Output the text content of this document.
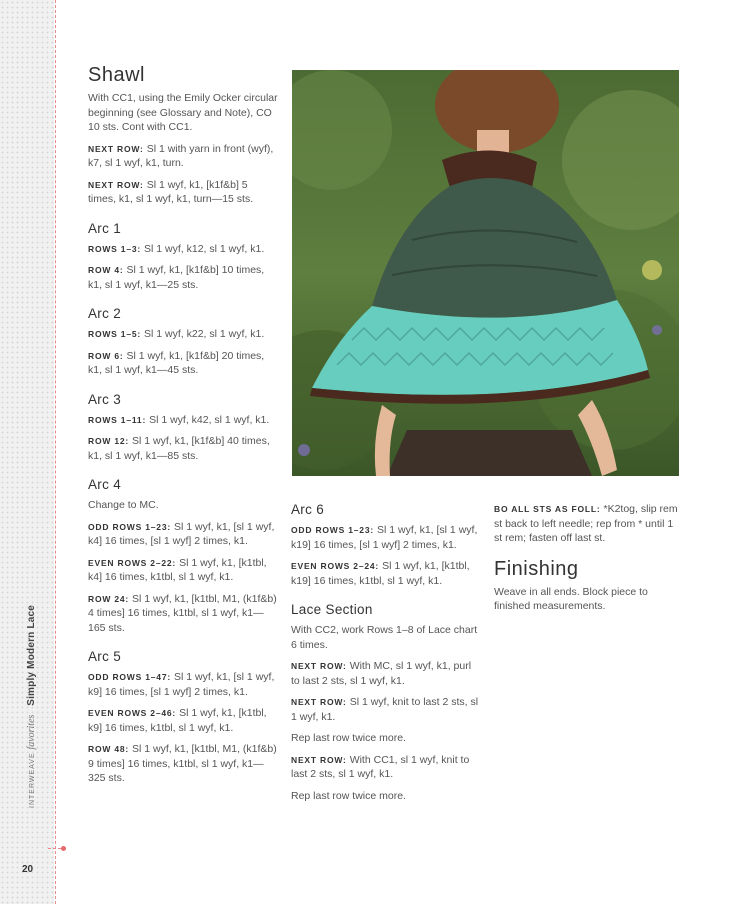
INTERWEAVE favorites Simply Modern Lace
20
Shawl

With CC1, using the Emily Ocker circular beginning (see Glossary and Note), CO 10 sts. Cont with CC1.

NEXT ROW: Sl 1 with yarn in front (wyf), k7, sl 1 wyf, k1, turn.

NEXT ROW: Sl 1 wyf, k1, [k1f&b] 5 times, k1, sl 1 wyf, k1, turn—15 sts.

Arc 1

ROWS 1–3: Sl 1 wyf, k12, sl 1 wyf, k1.

ROW 4: Sl 1 wyf, k1, [k1f&b] 10 times, k1, sl 1 wyf, k1—25 sts.

Arc 2

ROWS 1–5: Sl 1 wyf, k22, sl 1 wyf, k1.

ROW 6: Sl 1 wyf, k1, [k1f&b] 20 times, k1, sl 1 wyf, k1—45 sts.

Arc 3

ROWS 1–11: Sl 1 wyf, k42, sl 1 wyf, k1.

ROW 12: Sl 1 wyf, k1, [k1f&b] 40 times, k1, sl 1 wyf, k1—85 sts.

Arc 4

Change to MC.

ODD ROWS 1–23: Sl 1 wyf, k1, [sl 1 wyf, k4] 16 times, [sl 1 wyf] 2 times, k1.

EVEN ROWS 2–22: Sl 1 wyf, k1, [k1tbl, k4] 16 times, k1tbl, sl 1 wyf, k1.

ROW 24: Sl 1 wyf, k1, [k1tbl, M1, (k1f&b) 4 times] 16 times, k1tbl, sl 1 wyf, k1—165 sts.

Arc 5

ODD ROWS 1–47: Sl 1 wyf, k1, [sl 1 wyf, k9] 16 times, [sl 1 wyf] 2 times, k1.

EVEN ROWS 2–46: Sl 1 wyf, k1, [k1tbl, k9] 16 times, k1tbl, sl 1 wyf, k1.

ROW 48: Sl 1 wyf, k1, [k1tbl, M1, (k1f&b) 9 times] 16 times, k1tbl, sl 1 wyf, k1—325 sts.

Arc 6

ODD ROWS 1–23: Sl 1 wyf, k1, [sl 1 wyf, k19] 16 times, [sl 1 wyf] 2 times, k1.

EVEN ROWS 2–24: Sl 1 wyf, k1, [k1tbl, k19] 16 times, k1tbl, sl 1 wyf, k1.

Lace Section

With CC2, work Rows 1–8 of Lace chart 6 times.

NEXT ROW: With MC, sl 1 wyf, k1, purl to last 2 sts, sl 1 wyf, k1.

NEXT ROW: Sl 1 wyf, knit to last 2 sts, sl 1 wyf, k1.

Rep last row twice more.

NEXT ROW: With CC1, sl 1 wyf, knit to last 2 sts, sl 1 wyf, k1.

Rep last row twice more.

BO ALL STS AS FOLL: *K2tog, slip rem st back to left needle; rep from * until 1 st rem; fasten off last st.

Finishing

Weave in all ends. Block piece to finished measurements.
